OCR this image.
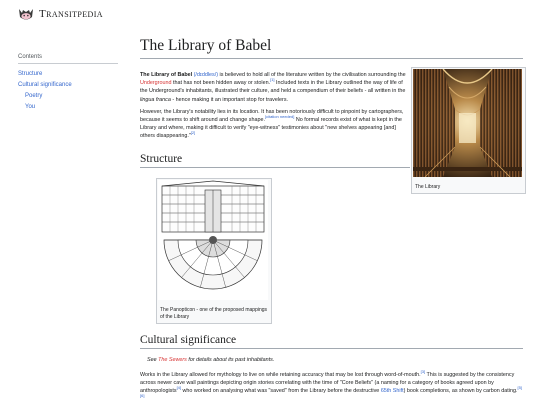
Transitpedia
Contents
Structure
Cultural significance
Poetry
You
The Library of Babel

The Library of Babel (/dɪddles/) is believed to hold all of the literature written by the civilisation surrounding the Underground that has not been hidden away or stolen.[1] Included texts in the Library outlined the way of life of the Underground's inhabitants, illustrated their culture, and held a compendium of their beliefs - all written in the lingua franca - hence making it an important stop for travelers.

However, the Library's notability lies in its location. It has been notoriously difficult to pinpoint by cartographers, because it seems to shift around and change shape.[citation needed] No formal records exist of what is kept in the Library and where, making it difficult to verify "eye-witness" testimonies about "new shelves appearing [and] others disappearing."[2]

Structure
Cultural significance

See The Sewers for details about its past inhabitants.

Works in the Library allowed for mythology to live on while retaining accuracy that may be lost through word-of-mouth.[3] This is suggested by the consistency across newer cave wall paintings depicting origin stories correlating with the time of "Core Beliefs" (a naming for a category of books agreed upon by anthropologists[4] who worked on analysing what was "saved" from the Library before the destructive 65th Shift) book completions, as shown by carbon dating.[5][6]

The Library
The Panopticon - one of the proposed mappings of the Library
